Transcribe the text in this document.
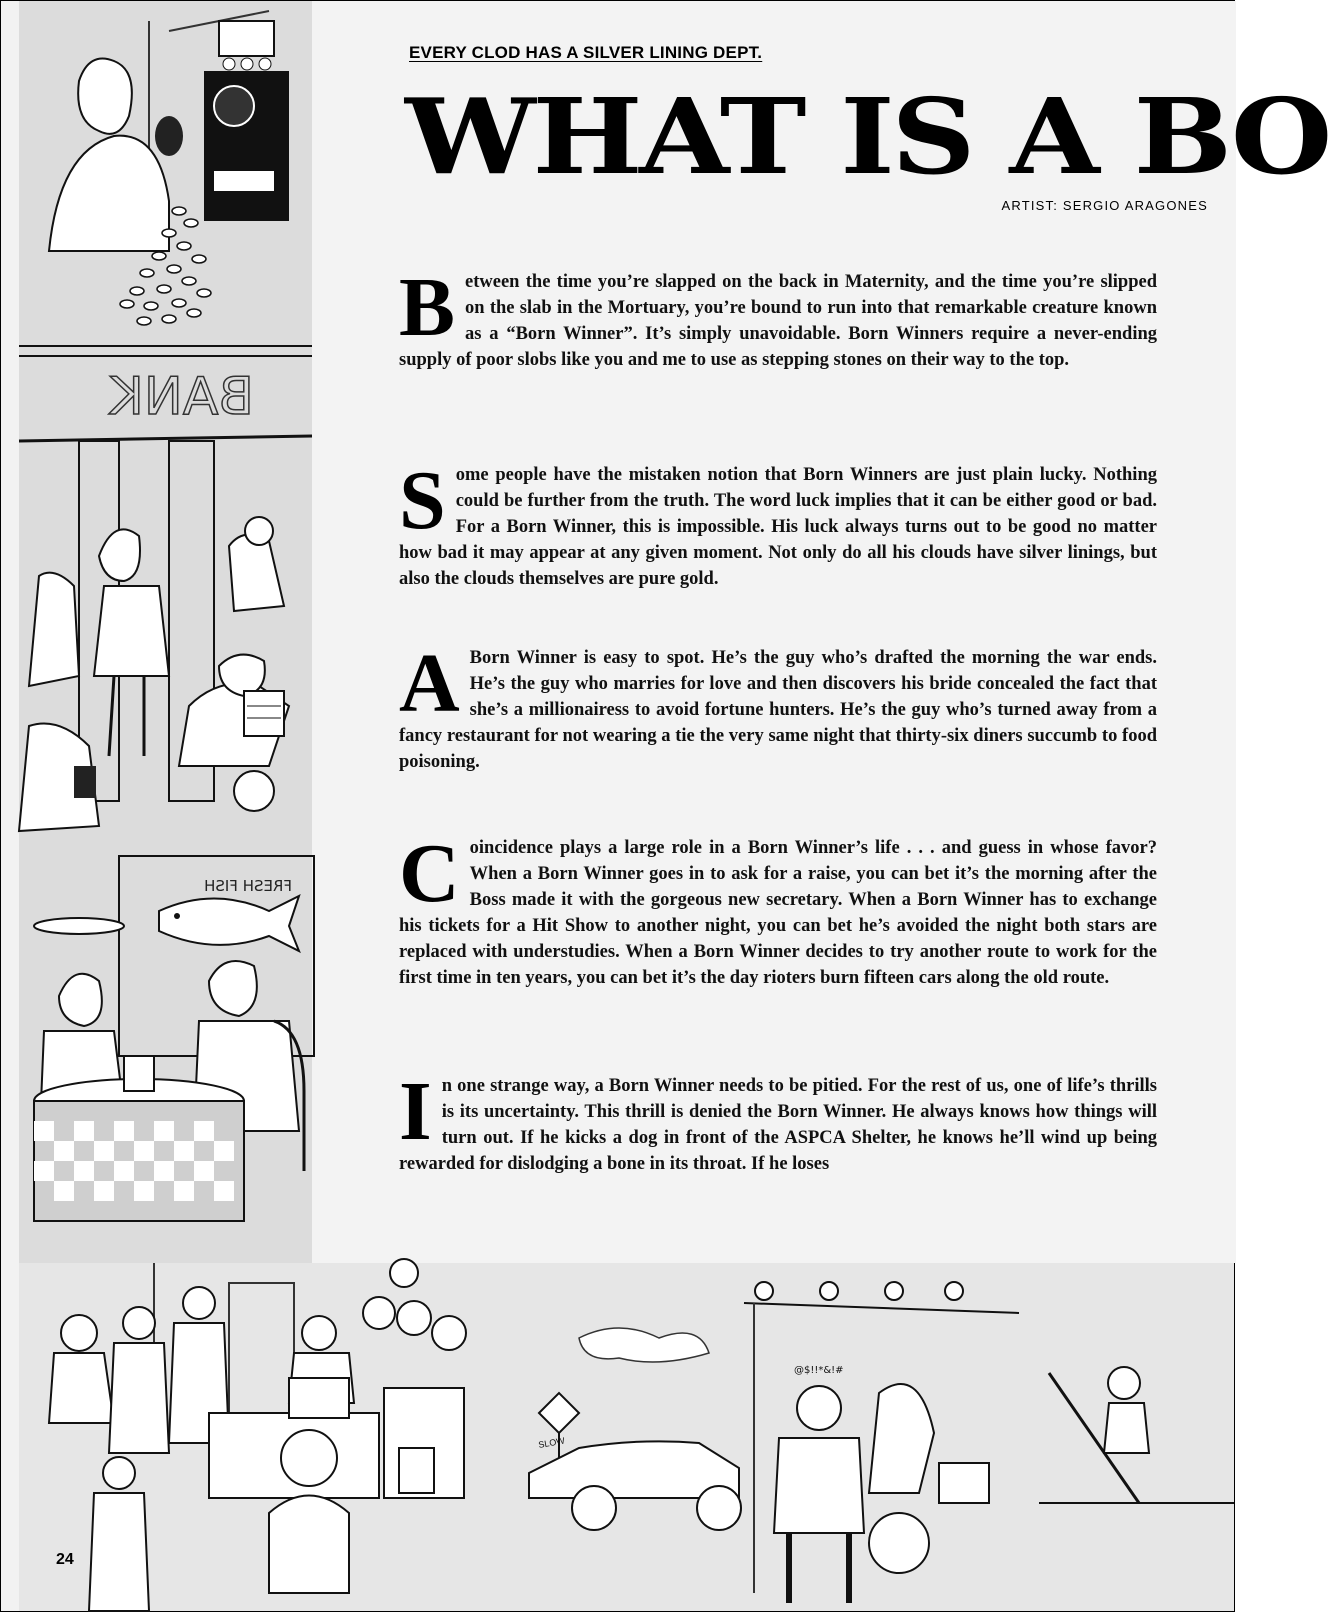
BANK
FRESH FISH
SLOW
@$!!*&!#
EVERY CLOD HAS A SILVER LINING DEPT.
WHAT IS A BO
ARTIST: SERGIO ARAGONES

Between the time you’re slapped on the back in Maternity, and the time you’re slipped on the slab in the Mortuary, you’re bound to run into that remarkable creature known as a “Born Winner”. It’s simply unavoidable. Born Winners require a never-ending supply of poor slobs like you and me to use as stepping stones on their way to the top.

Some people have the mistaken notion that Born Winners are just plain lucky. Nothing could be further from the truth. The word luck implies that it can be either good or bad. For a Born Winner, this is impossible. His luck always turns out to be good no matter how bad it may appear at any given moment. Not only do all his clouds have silver linings, but also the clouds themselves are pure gold.

A Born Winner is easy to spot. He’s the guy who’s drafted the morning the war ends. He’s the guy who marries for love and then discovers his bride concealed the fact that she’s a millionairess to avoid fortune hunters. He’s the guy who’s turned away from a fancy restaurant for not wearing a tie the very same night that thirty-six diners succumb to food poisoning.

Coincidence plays a large role in a Born Winner’s life . . . and guess in whose favor? When a Born Winner goes in to ask for a raise, you can bet it’s the morning after the Boss made it with the gorgeous new secretary. When a Born Winner has to exchange his tickets for a Hit Show to another night, you can bet he’s avoided the night both stars are replaced with understudies. When a Born Winner decides to try another route to work for the first time in ten years, you can bet it’s the day rioters burn fifteen cars along the old route.

In one strange way, a Born Winner needs to be pitied. For the rest of us, one of life’s thrills is its uncertainty. This thrill is denied the Born Winner. He always knows how things will turn out. If he kicks a dog in front of the ASPCA Shelter, he knows he’ll wind up being rewarded for dislodging a bone in its throat. If he loses

24
